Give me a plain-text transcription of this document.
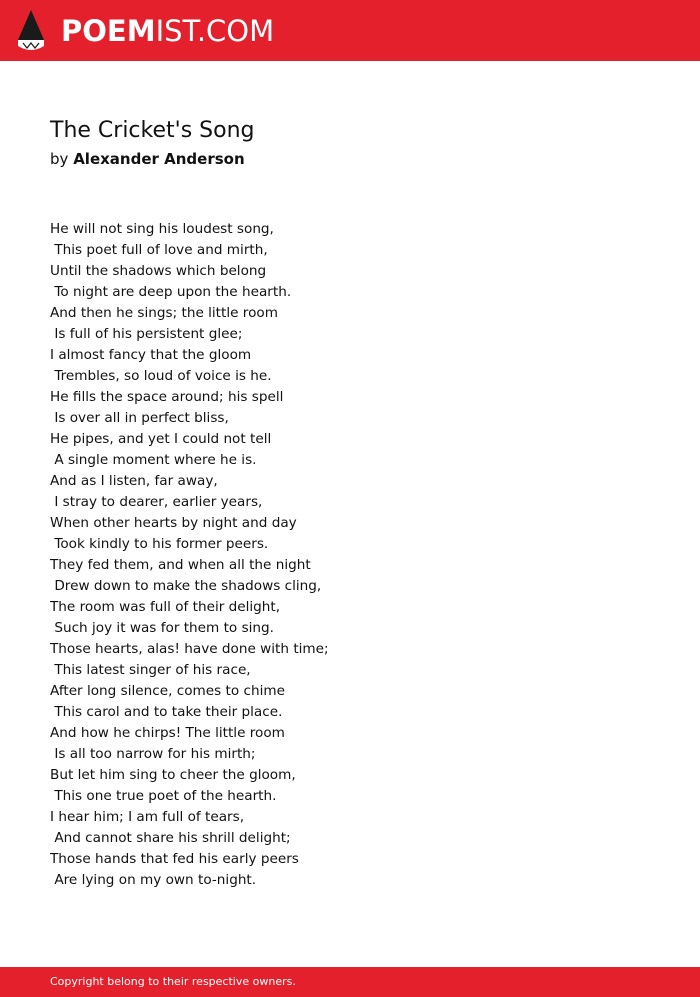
POEMIST.COM
The Cricket's Song
by Alexander Anderson
He will not sing his loudest song,
This poet full of love and mirth,
Until the shadows which belong
To night are deep upon the hearth.
And then he sings; the little room
Is full of his persistent glee;
I almost fancy that the gloom
Trembles, so loud of voice is he.
He fills the space around; his spell
Is over all in perfect bliss,
He pipes, and yet I could not tell
A single moment where he is.
And as I listen, far away,
I stray to dearer, earlier years,
When other hearts by night and day
Took kindly to his former peers.
They fed them, and when all the night
Drew down to make the shadows cling,
The room was full of their delight,
Such joy it was for them to sing.
Those hearts, alas! have done with time;
This latest singer of his race,
After long silence, comes to chime
This carol and to take their place.
And how he chirps! The little room
Is all too narrow for his mirth;
But let him sing to cheer the gloom,
This one true poet of the hearth.
I hear him; I am full of tears,
And cannot share his shrill delight;
Those hands that fed his early peers
Are lying on my own to-night.
Copyright belong to their respective owners.
